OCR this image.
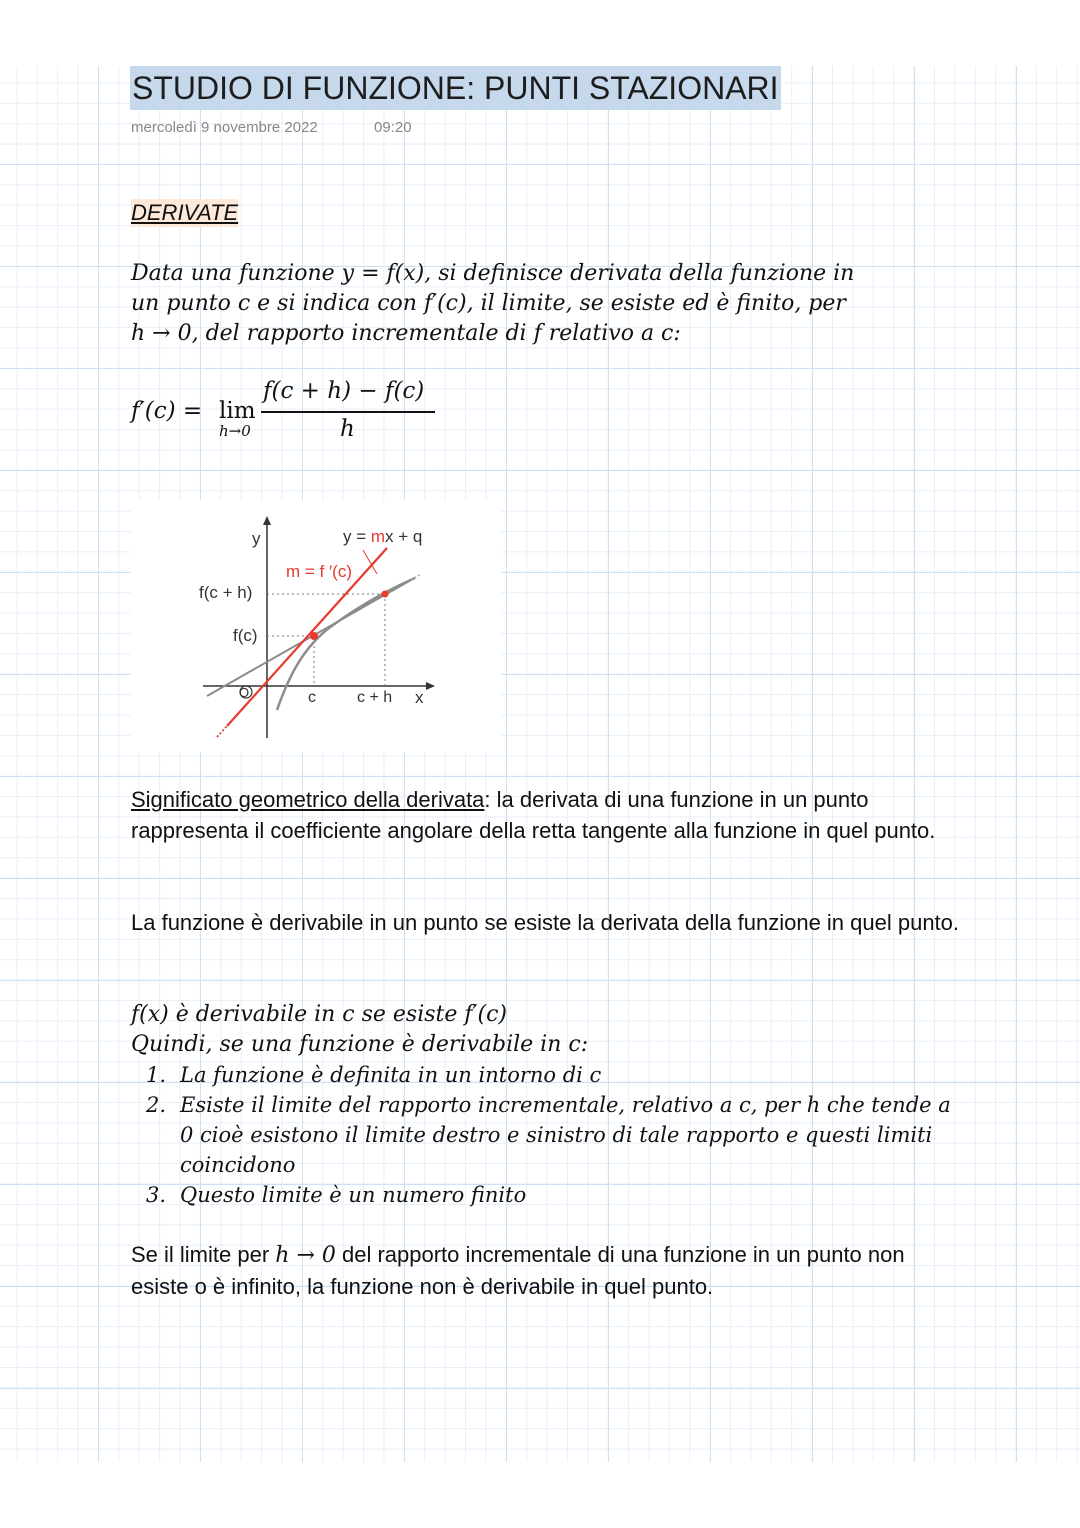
STUDIO DI FUNZIONE: PUNTI STAZIONARI
mercoledì 9 novembre 2022	09:20
DERIVATE
Data una funzione y = f(x), si definisce derivata della funzione in
un punto c e si indica con f′(c), il limite, se esiste ed è finito, per
h → 0, del rapporto incrementale di f relativo a c:
f′(c) = lim
h→0
f(c + h) − f(c)
h
y
x
O
y = mx + q
m = f ′(c)
f(c + h)
f(c)
c	c + h
Significato geometrico della derivata: la derivata di una funzione in un punto rappresenta il coefficiente angolare della retta tangente alla funzione in quel punto.
La funzione è derivabile in un punto se esiste la derivata della funzione in quel punto.
f(x) è derivabile in c se esiste f′(c)
Quindi, se una funzione è derivabile in c:
1. La funzione è definita in un intorno di c
2. Esiste il limite del rapporto incrementale, relativo a c, per h che tende a 0 cioè esistono il limite destro e sinistro di tale rapporto e questi limiti coincidono
3. Questo limite è un numero finito
Se il limite per h → 0 del rapporto incrementale di una funzione in un punto non esiste o è infinito, la funzione non è derivabile in quel punto.
